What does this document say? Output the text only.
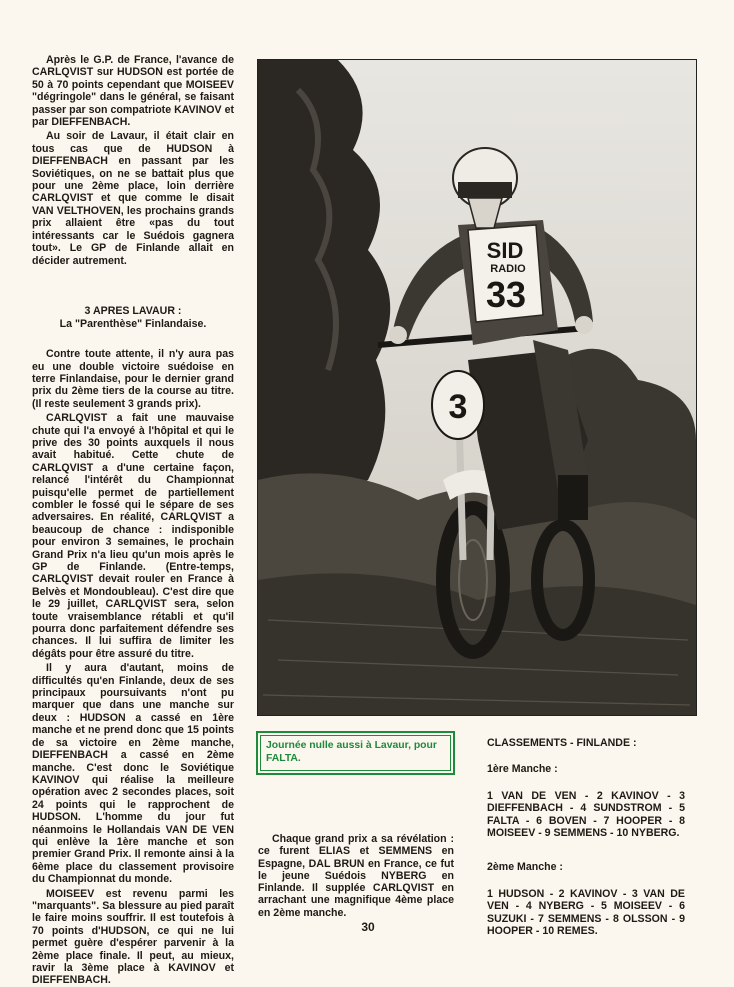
Après le G.P. de France, l'avance de CARLQVIST sur HUDSON est portée de 50 à 70 points cependant que MOISEEV "dégringole" dans le général, se faisant passer par son compatriote KAVINOV et par DIEFFENBACH.

Au soir de Lavaur, il était clair en tous cas que de HUDSON à DIEFFENBACH en passant par les Soviétiques, on ne se battait plus que pour une 2ème place, loin derrière CARLQVIST et que comme le disait VAN VELTHOVEN, les prochains grands prix allaient être «pas du tout intéressants car le Suédois gagnera tout». Le GP de Finlande allait en décider autrement.

3 APRES LAVAUR :
La "Parenthèse" Finlandaise.

Contre toute attente, il n'y aura pas eu une double victoire suédoise en terre Finlandaise, pour le dernier grand prix du 2ème tiers de la course au titre. (Il reste seulement 3 grands prix).

CARLQVIST a fait une mauvaise chute qui l'a envoyé à l'hôpital et qui le prive des 30 points auxquels il nous avait habitué. Cette chute de CARLQVIST a d'une certaine façon, relancé l'intérêt du Championnat puisqu'elle permet de partiellement combler le fossé qui le sépare de ses adversaires. En réalité, CARLQVIST a beaucoup de chance : indisponible pour environ 3 semaines, le prochain Grand Prix n'a lieu qu'un mois après le GP de Finlande. (Entre-temps, CARLQVIST devait rouler en France à Belvès et Mondoubleau). C'est dire que le 29 juillet, CARLQVIST sera, selon toute vraisemblance rétabli et qu'il pourra donc parfaitement défendre ses chances. Il lui suffira de limiter les dégâts pour être assuré du titre.

Il y aura d'autant, moins de difficultés qu'en Finlande, deux de ses principaux poursuivants n'ont pu marquer que dans une manche sur deux : HUDSON a cassé en 1ère manche et ne prend donc que 15 points de sa victoire en 2ème manche, DIEFFENBACH a cassé en 2ème manche. C'est donc le Soviétique KAVINOV qui réalise la meilleure opération avec 2 secondes places, soit 24 points qui le rapprochent de HUDSON. L'homme du jour fut néanmoins le Hollandais VAN DE VEN qui enlève la 1ère manche et son premier Grand Prix. Il remonte ainsi à la 6ème place du classement provisoire du Championnat du monde.

MOISEEV est revenu parmi les "marquants". Sa blessure au pied paraît le faire moins souffrir. Il est toutefois à 70 points d'HUDSON, ce qui ne lui permet guère d'espérer parvenir à la 2ème place finale. Il peut, au mieux, ravir la 3ème place à KAVINOV et DIEFFENBACH.

3
SID
RADIO
33
Journée nulle aussi à Lavaur, pour FALTA.

Chaque grand prix a sa révélation : ce furent ELIAS et SEMMENS en Espagne, DAL BRUN en France, ce fut le jeune Suédois NYBERG en Finlande. Il supplée CARLQVIST en arrachant une magnifique 4ème place en 2ème manche.

CLASSEMENTS - FINLANDE :
1ère Manche :
1 VAN DE VEN - 2 KAVINOV - 3 DIEFFENBACH - 4 SUNDSTROM - 5 FALTA - 6 BOVEN - 7 HOOPER - 8 MOISEEV - 9 SEMMENS - 10 NYBERG.
2ème Manche :
1 HUDSON - 2 KAVINOV - 3 VAN DE VEN - 4 NYBERG - 5 MOISEEV - 6 SUZUKI - 7 SEMMENS - 8 OLSSON - 9 HOOPER - 10 REMES.
30
